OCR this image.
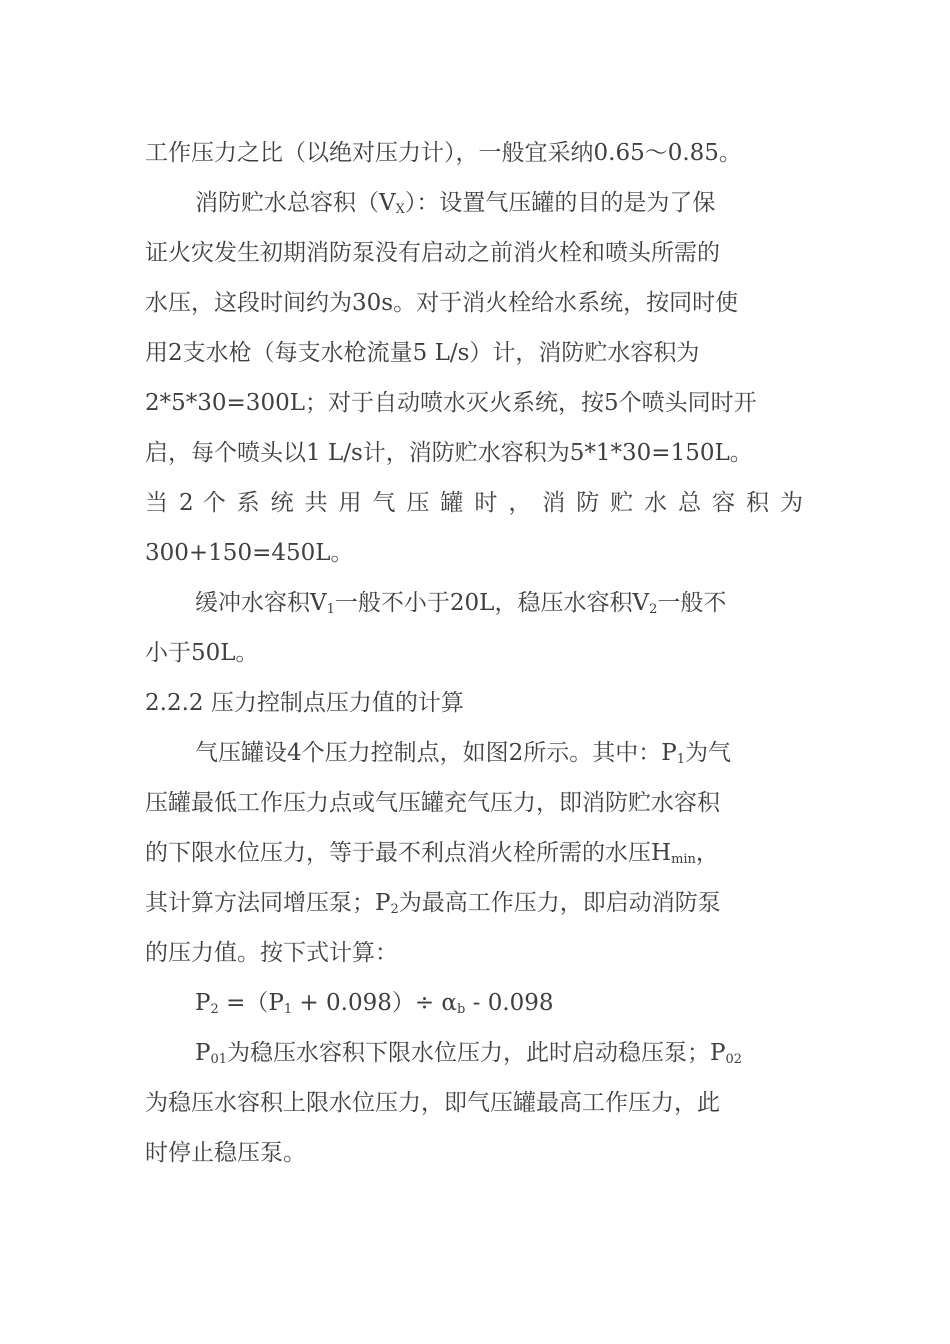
工作压力之比（以绝对压力计），一般宜采纳0.65～0.85。
消防贮水总容积$(V_X)$：设置气压罐的目的是为了保
证火灾发生初期消防泵没有启动之前消火栓和喷头所需的
水压，这段时间约为30s。对于消火栓给水系统，按同时使
用2支水枪（每支水枪流量5 L/s）计，消防贮水容积为
2*5*30=300L；对于自动喷水灭火系统，按5个喷头同时开
启，每个喷头以1 L/s计，消防贮水容积为5*1*30=150L。
当 2 个 系 统 共 用 气 压 罐 时 ， 消 防 贮 水 总 容 积 为
300+150=450L。
缓冲水容积$V_1$一般不小于20L，稳压水容积$V_2$一般不
小于50L。
2.2.2 压力控制点压力值的计算
气压罐设4个压力控制点，如图2所示。其中：$P_1$为气
压罐最低工作压力点或气压罐充气压力，即消防贮水容积
的下限水位压力，等于最不利点消火栓所需的水压$H_{min}$，
其计算方法同增压泵；$P_2$为最高工作压力，即启动消防泵
的压力值。按下式计算：
$P_2 =(P_1 + 0.098)\div \alpha_b - 0.098$
$P_{01}$为稳压水容积下限水位压力，此时启动稳压泵；$P_{02}$
为稳压水容积上限水位压力，即气压罐最高工作压力，此
时停止稳压泵。
